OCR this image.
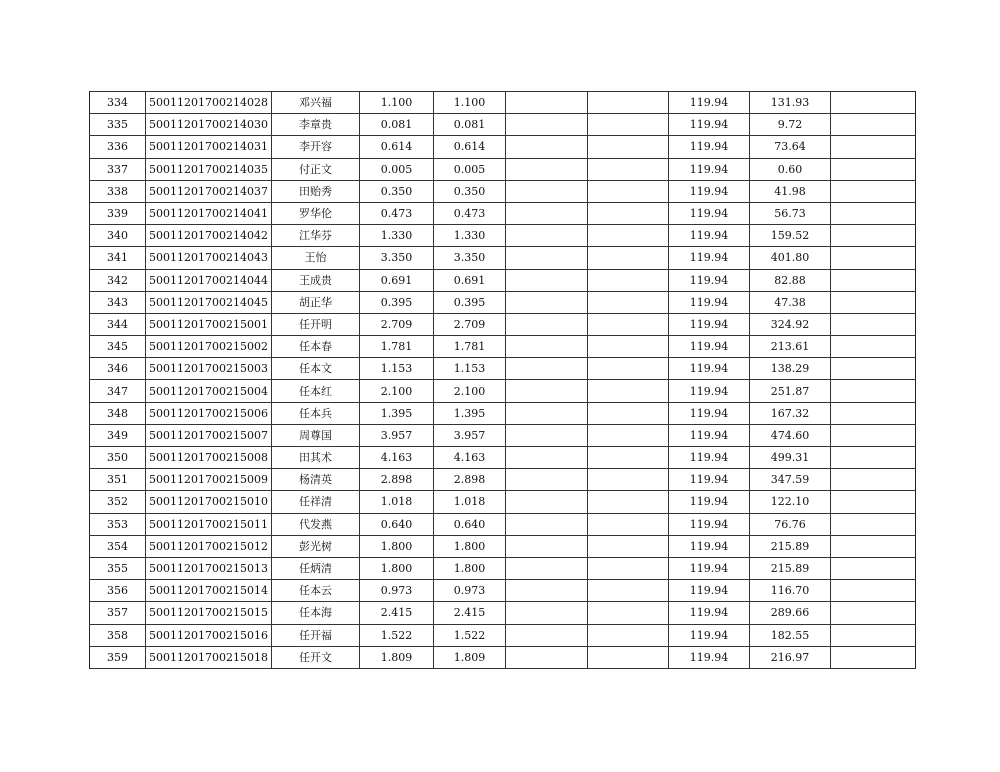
334	50011201700214028	邓兴福	1.100	1.100			119.94	131.93	
335	50011201700214030	李章贵	0.081	0.081			119.94	9.72	
336	50011201700214031	李开容	0.614	0.614			119.94	73.64	
337	50011201700214035	付正文	0.005	0.005			119.94	0.60	
338	50011201700214037	田贻秀	0.350	0.350			119.94	41.98	
339	50011201700214041	罗华伦	0.473	0.473			119.94	56.73	
340	50011201700214042	江华芬	1.330	1.330			119.94	159.52	
341	50011201700214043	王怡	3.350	3.350			119.94	401.80	
342	50011201700214044	王成贵	0.691	0.691			119.94	82.88	
343	50011201700214045	胡正华	0.395	0.395			119.94	47.38	
344	50011201700215001	任开明	2.709	2.709			119.94	324.92	
345	50011201700215002	任本春	1.781	1.781			119.94	213.61	
346	50011201700215003	任本文	1.153	1.153			119.94	138.29	
347	50011201700215004	任本红	2.100	2.100			119.94	251.87	
348	50011201700215006	任本兵	1.395	1.395			119.94	167.32	
349	50011201700215007	周尊国	3.957	3.957			119.94	474.60	
350	50011201700215008	田其术	4.163	4.163			119.94	499.31	
351	50011201700215009	杨清英	2.898	2.898			119.94	347.59	
352	50011201700215010	任祥清	1.018	1.018			119.94	122.10	
353	50011201700215011	代发燕	0.640	0.640			119.94	76.76	
354	50011201700215012	彭光树	1.800	1.800			119.94	215.89	
355	50011201700215013	任炳清	1.800	1.800			119.94	215.89	
356	50011201700215014	任本云	0.973	0.973			119.94	116.70	
357	50011201700215015	任本海	2.415	2.415			119.94	289.66	
358	50011201700215016	任开福	1.522	1.522			119.94	182.55	
359	50011201700215018	任开文	1.809	1.809			119.94	216.97	
